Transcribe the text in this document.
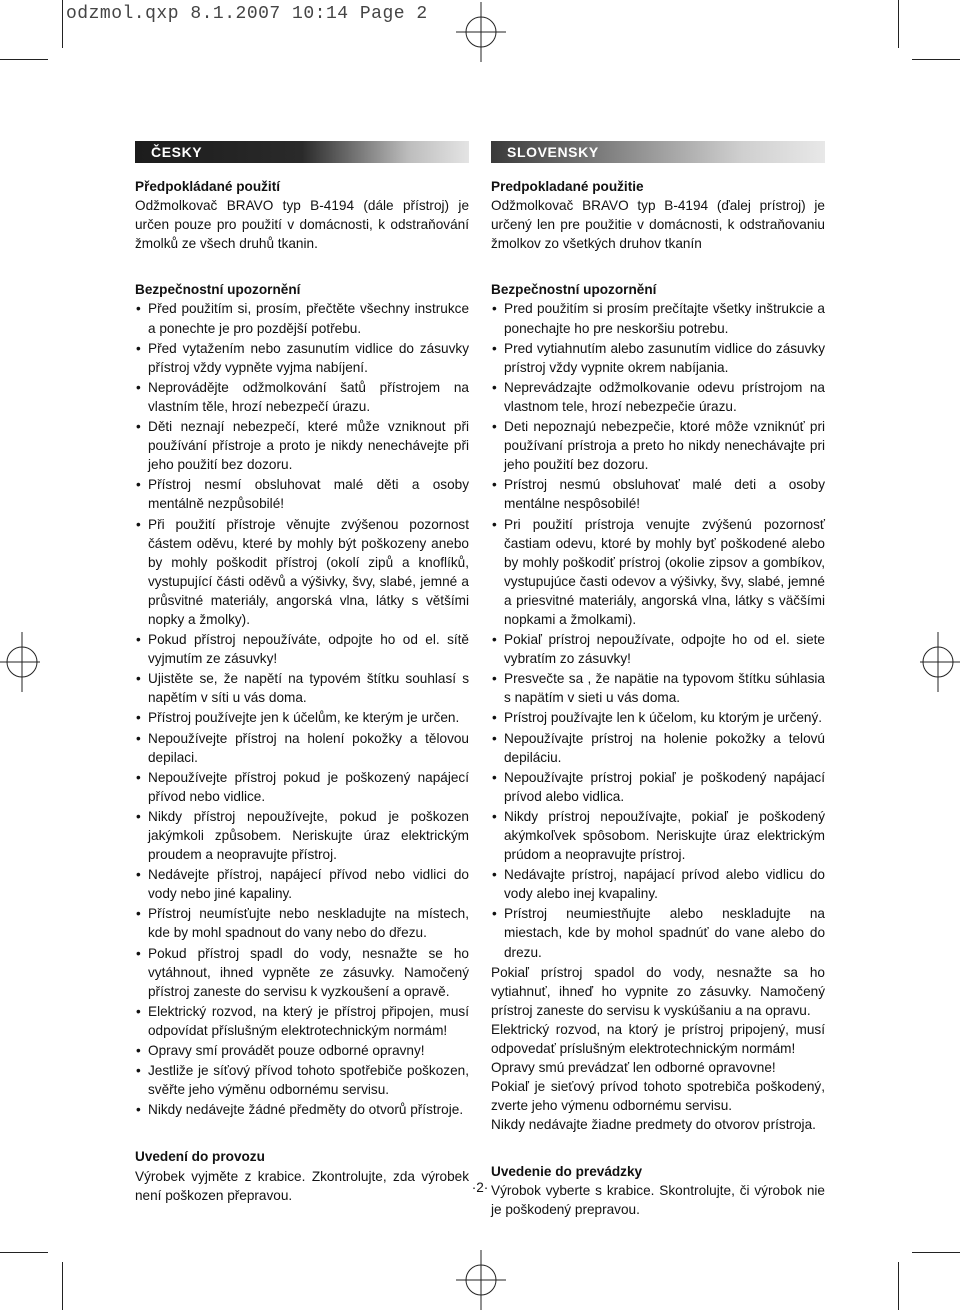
odzmol.qxp 8.1.2007 10:14 Page 2
ČESKY
Předpokládané použití

Odžmolkovač BRAVO typ B-4194 (dále přístroj) je určen pouze pro použití v domácnosti, k odstraňování žmolků ze všech druhů tkanin.

Bezpečnostní upozornění
• Před použitím si, prosím, přečtěte všechny instrukce a ponechte je pro pozdější potřebu.
• Před vytažením nebo zasunutím vidlice do zásuvky přístroj vždy vypněte vyjma nabíjení.
• Neprovádějte odžmolkování šatů přístrojem na vlastním těle, hrozí nebezpečí úrazu.
• Děti neznají nebezpečí, které může vzniknout při používání přístroje a proto je nikdy nenechávejte při jeho použití bez dozoru.
• Přístroj nesmí obsluhovat malé děti a osoby mentálně nezpůsobilé!
• Při použití přístroje věnujte zvýšenou pozornost částem oděvu, které by mohly být poškozeny anebo by mohly poškodit přístroj (okolí zipů a knoflíků, vystupující části oděvů a výšivky, švy, slabé, jemné a průsvitné materiály, angorská vlna, látky s většími nopky a žmolky).
• Pokud přístroj nepoužíváte, odpojte ho od el. sítě vyjmutím ze zásuvky!
• Ujistěte se, že napětí na typovém štítku souhlasí s napětím v síti u vás doma.
• Přístroj používejte jen k účelům, ke kterým je určen.
• Nepoužívejte přístroj na holení pokožky a tělovou depilaci.
• Nepoužívejte přístroj pokud je poškozený napájecí přívod nebo vidlice.
• Nikdy přístroj nepoužívejte, pokud je poškozen jakýmkoli způsobem. Neriskujte úraz elektrickým proudem a neopravujte přístroj.
• Nedávejte přístroj, napájecí přívod nebo vidlici do vody nebo jiné kapaliny.
• Přístroj neumísťujte nebo neskladujte na místech, kde by mohl spadnout do vany nebo do dřezu.
• Pokud přístroj spadl do vody, nesnažte se ho vytáhnout, ihned vypněte ze zásuvky. Namočený přístroj zaneste do servisu k vyzkoušení a opravě.
• Elektrický rozvod, na který je přístroj připojen, musí odpovídat příslušným elektrotechnickým normám!
• Opravy smí provádět pouze odborné opravny!
• Jestliže je síťový přívod tohoto spotřebiče poškozen, svěřte jeho výměnu odbornému servisu.
• Nikdy nedávejte žádné předměty do otvorů přístroje.
Uvedení do provozu

Výrobek vyjměte z krabice. Zkontrolujte, zda výrobek není poškozen přepravou.

SLOVENSKY
Predpokladané použitie

Odžmolkovač BRAVO typ B-4194 (ďalej prístroj) je určený len pre použitie v domácnosti, k odstraňovaniu žmolkov zo všetkých druhov tkanín

Bezpečnostní upozornění
• Pred použitím si prosím prečítajte všetky inštrukcie a ponechajte ho pre neskoršiu potrebu.
• Pred vytiahnutím alebo zasunutím vidlice do zásuvky prístroj vždy vypnite okrem nabíjania.
• Neprevádzajte odžmolkovanie odevu prístrojom na vlastnom tele, hrozí nebezpečie úrazu.
• Deti nepoznajú nebezpečie, ktoré môže vzniknúť pri používaní prístroja a preto ho nikdy nenechávajte pri jeho použití bez dozoru.
• Prístroj nesmú obsluhovať malé deti a osoby mentálne nespôsobilé!
• Pri použití prístroja venujte zvýšenú pozornosť častiam odevu, ktoré by mohly byť poškodené alebo by mohly poškodiť prístroj (okolie zipsov a gombíkov, vystupujúce časti odevov a výšivky, švy, slabé, jemné a priesvitné materiály, angorská vlna, látky s väčšími nopkami a žmolkami).
• Pokiaľ prístroj nepoužívate, odpojte ho od el. siete vybratím zo zásuvky!
• Presvečte sa , že napätie na typovom štítku súhlasia s napätím v sieti u vás doma.
• Prístroj používajte len k účelom, ku ktorým je určený.
• Nepoužívajte prístroj na holenie pokožky a telovú depiláciu.
• Nepoužívajte prístroj pokiaľ je poškodený napájací prívod alebo vidlica.
• Nikdy prístroj nepoužívajte, pokiaľ je poškodený akýmkoľvek spôsobom. Neriskujte úraz elektrickým prúdom a neopravujte prístroj.
• Nedávajte prístroj, napájací prívod alebo vidlicu do vody alebo inej kvapaliny.
• Prístroj neumiestňujte alebo neskladujte na miestach, kde by mohol spadnúť do vane alebo do drezu.

Pokiaľ prístroj spadol do vody, nesnažte sa ho vytiahnuť, ihneď ho vypnite zo zásuvky. Namočený prístroj zaneste do servisu k vyskúšaniu a na opravu.

Elektrický rozvod, na ktorý je prístroj pripojený, musí odpovedať príslušným elektrotechnickým normám!

Opravy smú prevádzať len odborné opravovne!

Pokiaľ je sieťový prívod tohoto spotrebiča poškodený, zverte jeho výmenu odbornému servisu.

Nikdy nedávajte žiadne predmety do otvorov prístroja.

Uvedenie do prevádzky

Výrobok vyberte s krabice. Skontrolujte, či výrobok nie je poškodený prepravou.

·2·
